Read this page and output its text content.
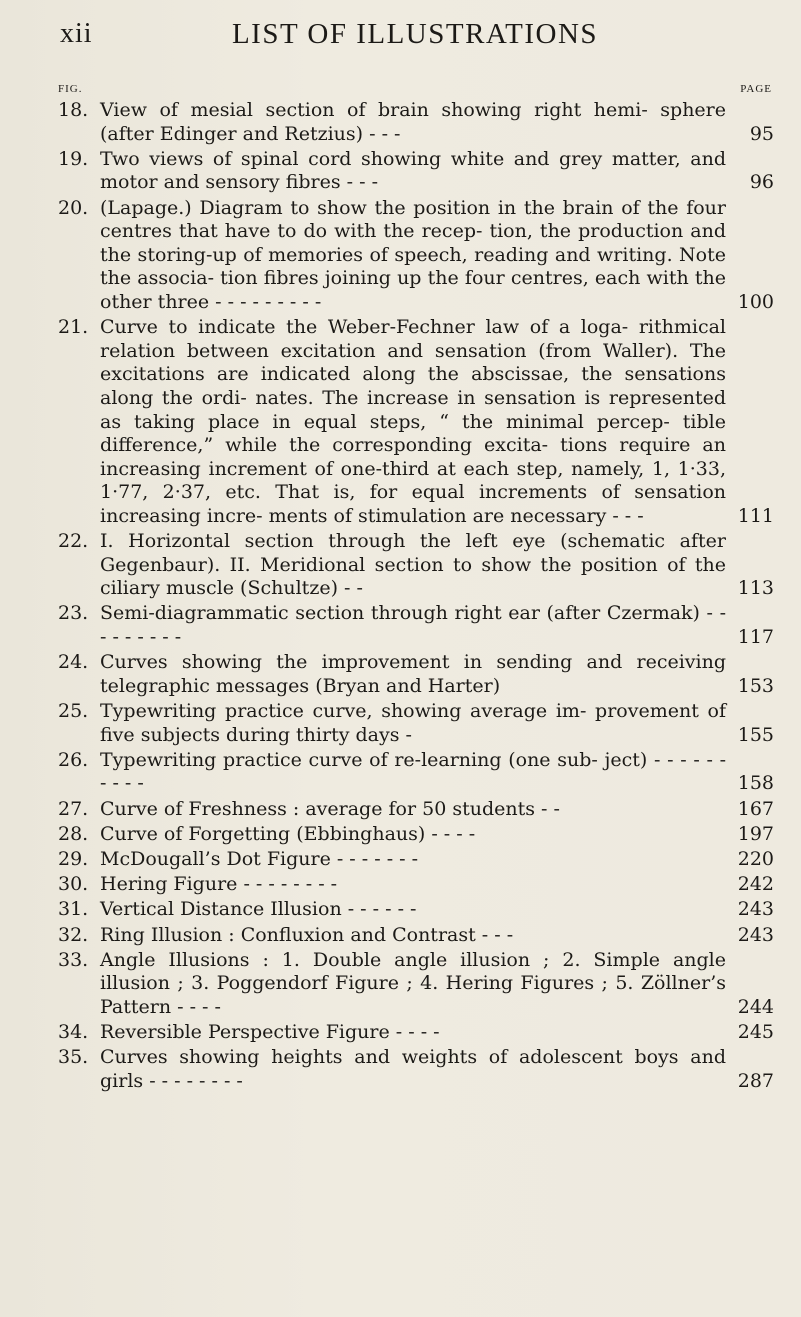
xii	LIST OF ILLUSTRATIONS
FIG.	PAGE
18. View of mesial section of brain showing right hemi- sphere (after Edinger and Retzius) - - -	95
19. Two views of spinal cord showing white and grey matter, and motor and sensory fibres - - -	96
20. (Lapage.) Diagram to show the position in the brain of the four centres that have to do with the recep- tion, the production and the storing-up of memories of speech, reading and writing. Note the associa- tion fibres joining up the four centres, each with the other three - - - - - - - - -	100
21. Curve to indicate the Weber-Fechner law of a loga- rithmical relation between excitation and sensation (from Waller). The excitations are indicated along the abscissae, the sensations along the ordi- nates. The increase in sensation is represented as taking place in equal steps, “ the minimal percep- tible difference,” while the corresponding excita- tions require an increasing increment of one-third at each step, namely, 1, 1·33, 1·77, 2·37, etc. That is, for equal increments of sensation increasing incre- ments of stimulation are necessary - - -	111
22. I. Horizontal section through the left eye (schematic after Gegenbaur). II. Meridional section to show the position of the ciliary muscle (Schultze) - -	113
23. Semi-diagrammatic section through right ear (after Czermak) - - - - - - - - -	117
24. Curves showing the improvement in sending and receiving telegraphic messages (Bryan and Harter)	153
25. Typewriting practice curve, showing average im- provement of five subjects during thirty days -	155
26. Typewriting practice curve of re-learning (one sub- ject) - - - - - - - - - -	158
27. Curve of Freshness : average for 50 students - -	167
28. Curve of Forgetting (Ebbinghaus) - - - -	197
29. McDougall’s Dot Figure - - - - - - -	220
30. Hering Figure - - - - - - - -	242
31. Vertical Distance Illusion - - - - - -	243
32. Ring Illusion : Confluxion and Contrast - - -	243
33. Angle Illusions : 1. Double angle illusion ; 2. Simple angle illusion ; 3. Poggendorf Figure ; 4. Hering Figures ; 5. Zöllner’s Pattern - - - -	244
34. Reversible Perspective Figure - - - -	245
35. Curves showing heights and weights of adolescent boys and girls - - - - - - - -	287
